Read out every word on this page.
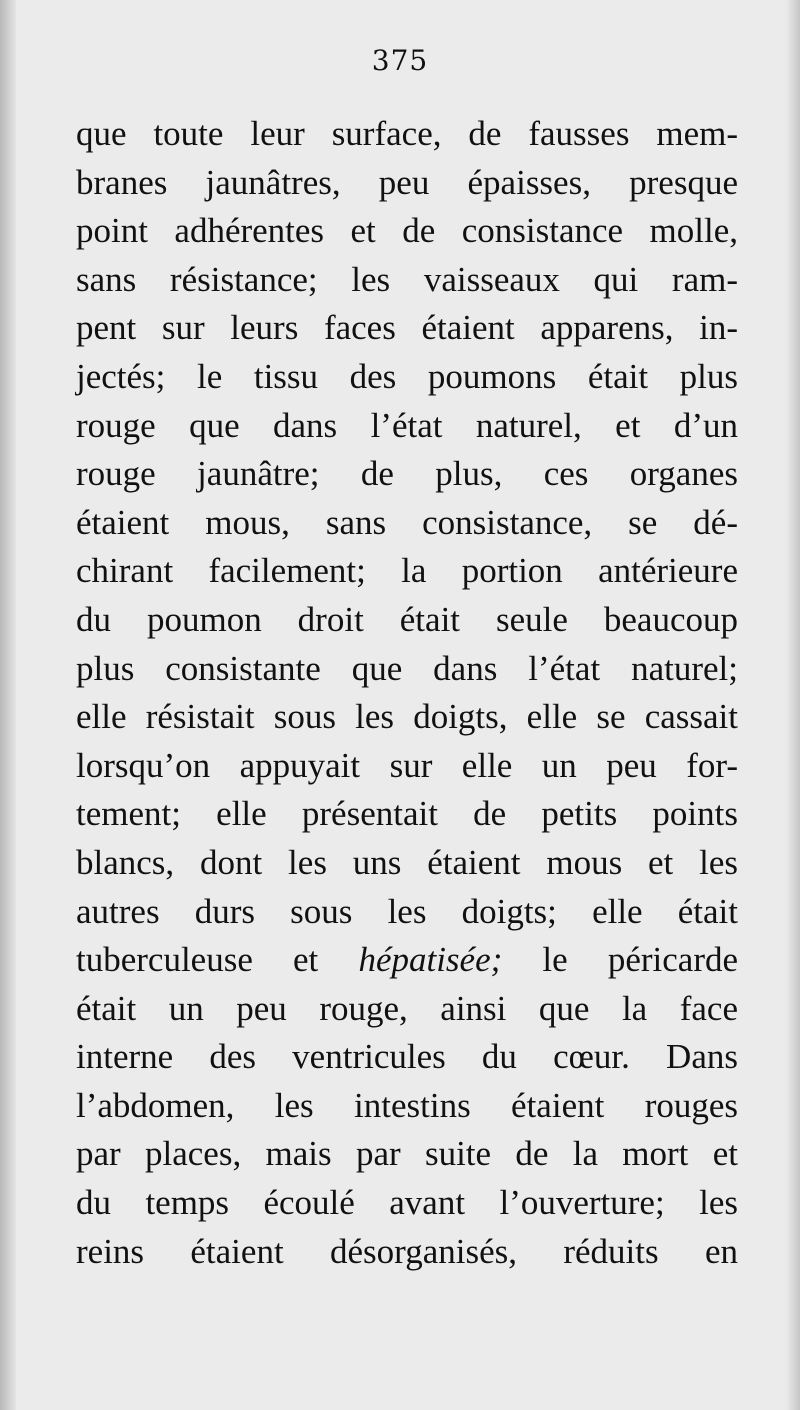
375
que toute leur surface, de fausses mem-
branes jaunâtres, peu épaisses, presque
point adhérentes et de consistance molle,
sans résistance; les vaisseaux qui ram-
pent sur leurs faces étaient apparens, in-
jectés; le tissu des poumons était plus
rouge que dans l’état naturel, et d’un
rouge jaunâtre; de plus, ces organes
étaient mous, sans consistance, se dé-
chirant facilement; la portion antérieure
du poumon droit était seule beaucoup
plus consistante que dans l’état naturel;
elle résistait sous les doigts, elle se cassait
lorsqu’on appuyait sur elle un peu for-
tement; elle présentait de petits points
blancs, dont les uns étaient mous et les
autres durs sous les doigts; elle était
tuberculeuse et hépatisée; le péricarde
était un peu rouge, ainsi que la face
interne des ventricules du cœur. Dans
l’abdomen, les intestins étaient rouges
par places, mais par suite de la mort et
du temps écoulé avant l’ouverture; les
reins étaient désorganisés, réduits en
